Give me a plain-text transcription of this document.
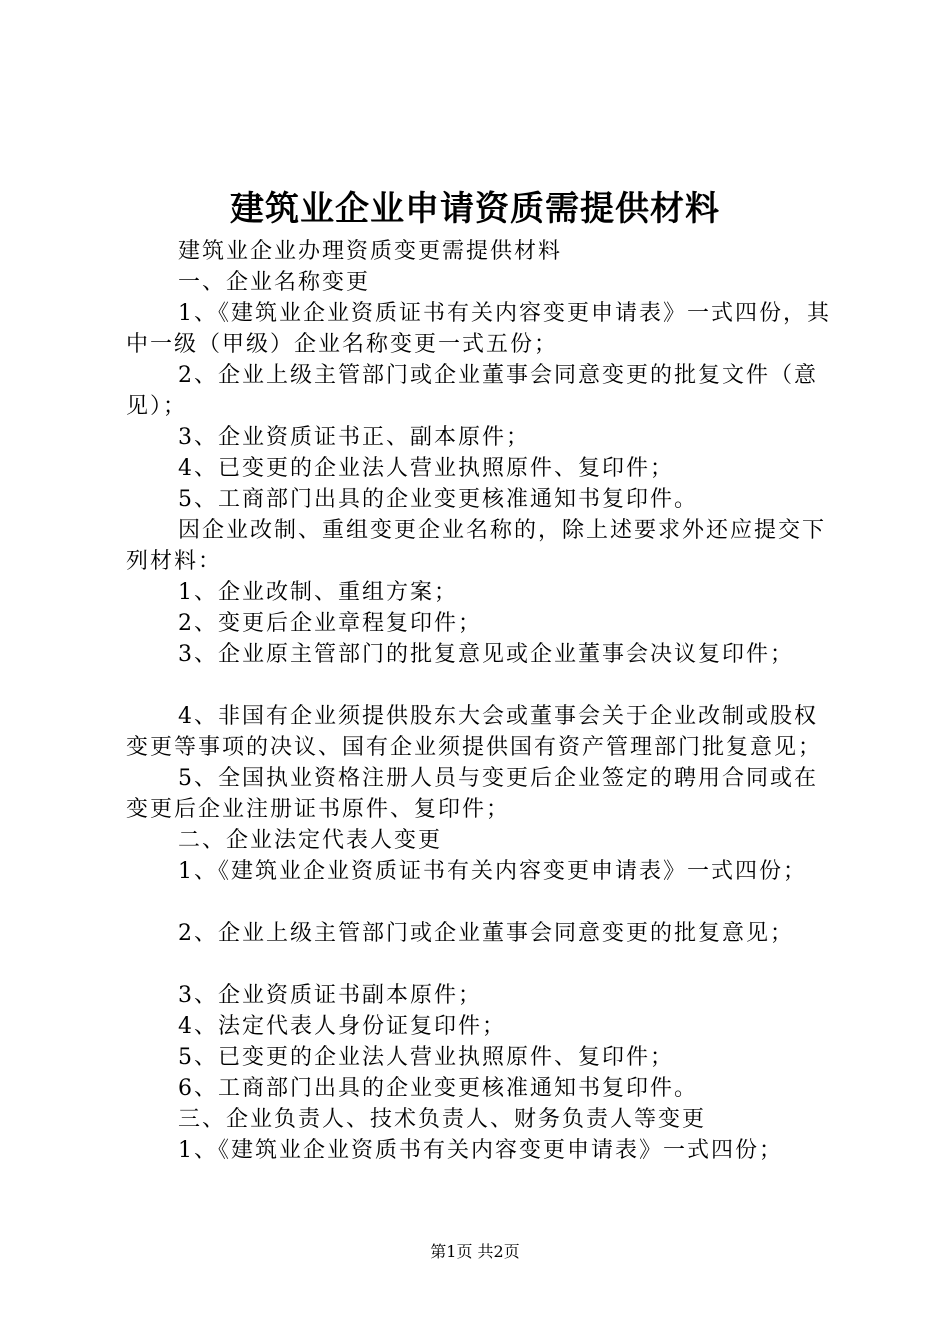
建筑业企业申请资质需提供材料

建筑业企业办理资质变更需提供材料

一、企业名称变更

1、《建筑业企业资质证书有关内容变更申请表》一式四份，其中一级（甲级）企业名称变更一式五份；

2、企业上级主管部门或企业董事会同意变更的批复文件（意见）；

3、企业资质证书正、副本原件；

4、已变更的企业法人营业执照原件、复印件；

5、工商部门出具的企业变更核准通知书复印件。

因企业改制、重组变更企业名称的，除上述要求外还应提交下列材料：

1、企业改制、重组方案；

2、变更后企业章程复印件；

3、企业原主管部门的批复意见或企业董事会决议复印件；

4、非国有企业须提供股东大会或董事会关于企业改制或股权变更等事项的决议、国有企业须提供国有资产管理部门批复意见；

5、全国执业资格注册人员与变更后企业签定的聘用合同或在变更后企业注册证书原件、复印件；

二、企业法定代表人变更

1、《建筑业企业资质证书有关内容变更申请表》一式四份；

2、企业上级主管部门或企业董事会同意变更的批复意见；

3、企业资质证书副本原件；

4、法定代表人身份证复印件；

5、已变更的企业法人营业执照原件、复印件；

6、工商部门出具的企业变更核准通知书复印件。

三、企业负责人、技术负责人、财务负责人等变更

1、《建筑业企业资质书有关内容变更申请表》一式四份；

第1页 共2页
